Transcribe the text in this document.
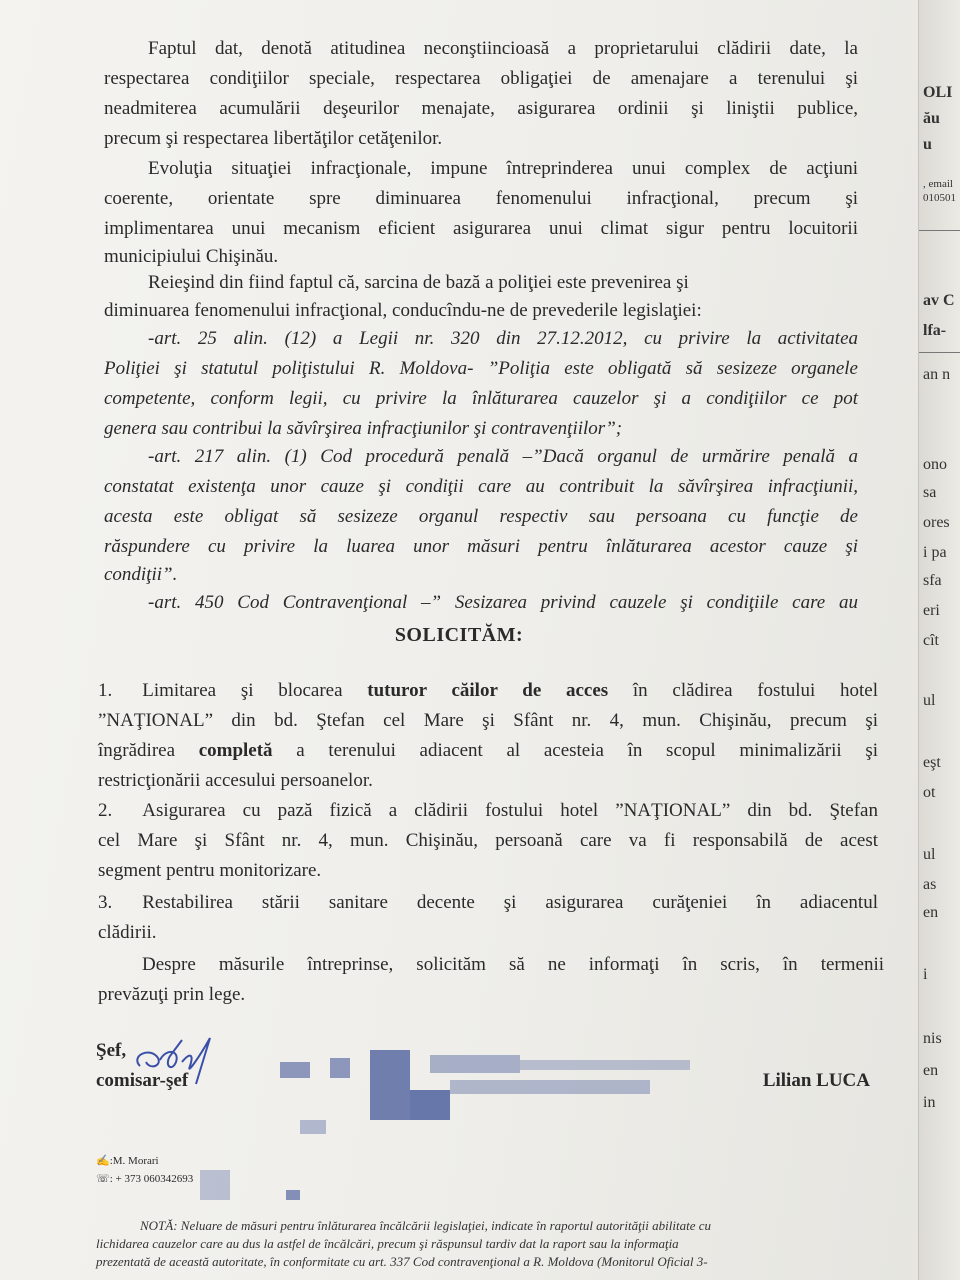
Faptul dat, denotă atitudinea neconştiincioasă a proprietarului clădirii date, la
respectarea condiţiilor speciale, respectarea obligaţiei de amenajare a terenului şi
neadmiterea acumulării deşeurilor menajate, asigurarea ordinii şi liniştii publice,
precum şi respectarea libertăţilor cetăţenilor.
Evoluţia situaţiei infracţionale, impune întreprinderea unui complex de acţiuni
coerente, orientate spre diminuarea fenomenului infracţional, precum şi
implimentarea unui mecanism eficient asigurarea unui climat sigur pentru locuitorii
municipiului Chişinău.
Reieşind din fiind faptul că, sarcina de bază a poliţiei este prevenirea şi
diminuarea fenomenului infracţional, conducîndu-ne de prevederile legislaţiei:
-art. 25 alin. (12) a Legii nr. 320 din 27.12.2012, cu privire la activitatea
Poliţiei şi statutul poliţistului R. Moldova- ”Poliţia este obligată să sesizeze organele
competente, conform legii, cu privire la înlăturarea cauzelor şi a condiţiilor ce pot
genera sau contribui la săvîrşirea infracţiunilor şi contravenţiilor”;
-art. 217 alin. (1) Cod procedură penală –”Dacă organul de urmărire penală a
constatat existenţa unor cauze şi condiţii care au contribuit la săvîrşirea infracţiunii,
acesta este obligat să sesizeze organul respectiv sau persoana cu funcţie de
răspundere cu privire la luarea unor măsuri pentru înlăturarea acestor cauze şi
condiţii”.
-art. 450 Cod Contravenţional –” Sesizarea privind cauzele şi condiţiile care au
SOLICITĂM:
1.	Limitarea şi blocarea tuturor căilor de acces în clădirea fostului hotel
”NAŢIONAL” din bd. Ştefan cel Mare şi Sfânt nr. 4, mun. Chişinău, precum şi
îngrădirea completă a terenului adiacent al acesteia în scopul minimalizării şi
restricţionării accesului persoanelor.
2.	Asigurarea cu pază fizică a clădirii fostului hotel ”NAŢIONAL” din bd. Ştefan
cel Mare şi Sfânt nr. 4, mun. Chişinău, persoană care va fi responsabilă de acest
segment pentru monitorizare.
3.	Restabilirea stării sanitare decente şi asigurarea curăţeniei în adiacentul
clădirii.
Despre măsurile întreprinse, solicităm să ne informaţi în scris, în termenii
prevăzuţi prin lege.
Şef,
comisar-şef	Lilian LUCA
✍:M. Morari
☏: + 373 060342693
NOTĂ: Neluare de măsuri pentru înlăturarea încălcării legislaţiei, indicate în raportul autorităţii abilitate cu
lichidarea cauzelor care au dus la astfel de încălcări, precum şi răspunsul tardiv dat la raport sau la informaţia
prezentată de această autoritate, în conformitate cu art. 337 Cod contravenţional a R. Moldova (Monitorul Oficial 3-
OLI
ău
u
, email
010501
av C
lfa-
an n
ono
sa
ores
i pa
sfa
eri
cît
ul
eşt
ot
ul
as
en
i
nis
en
in
